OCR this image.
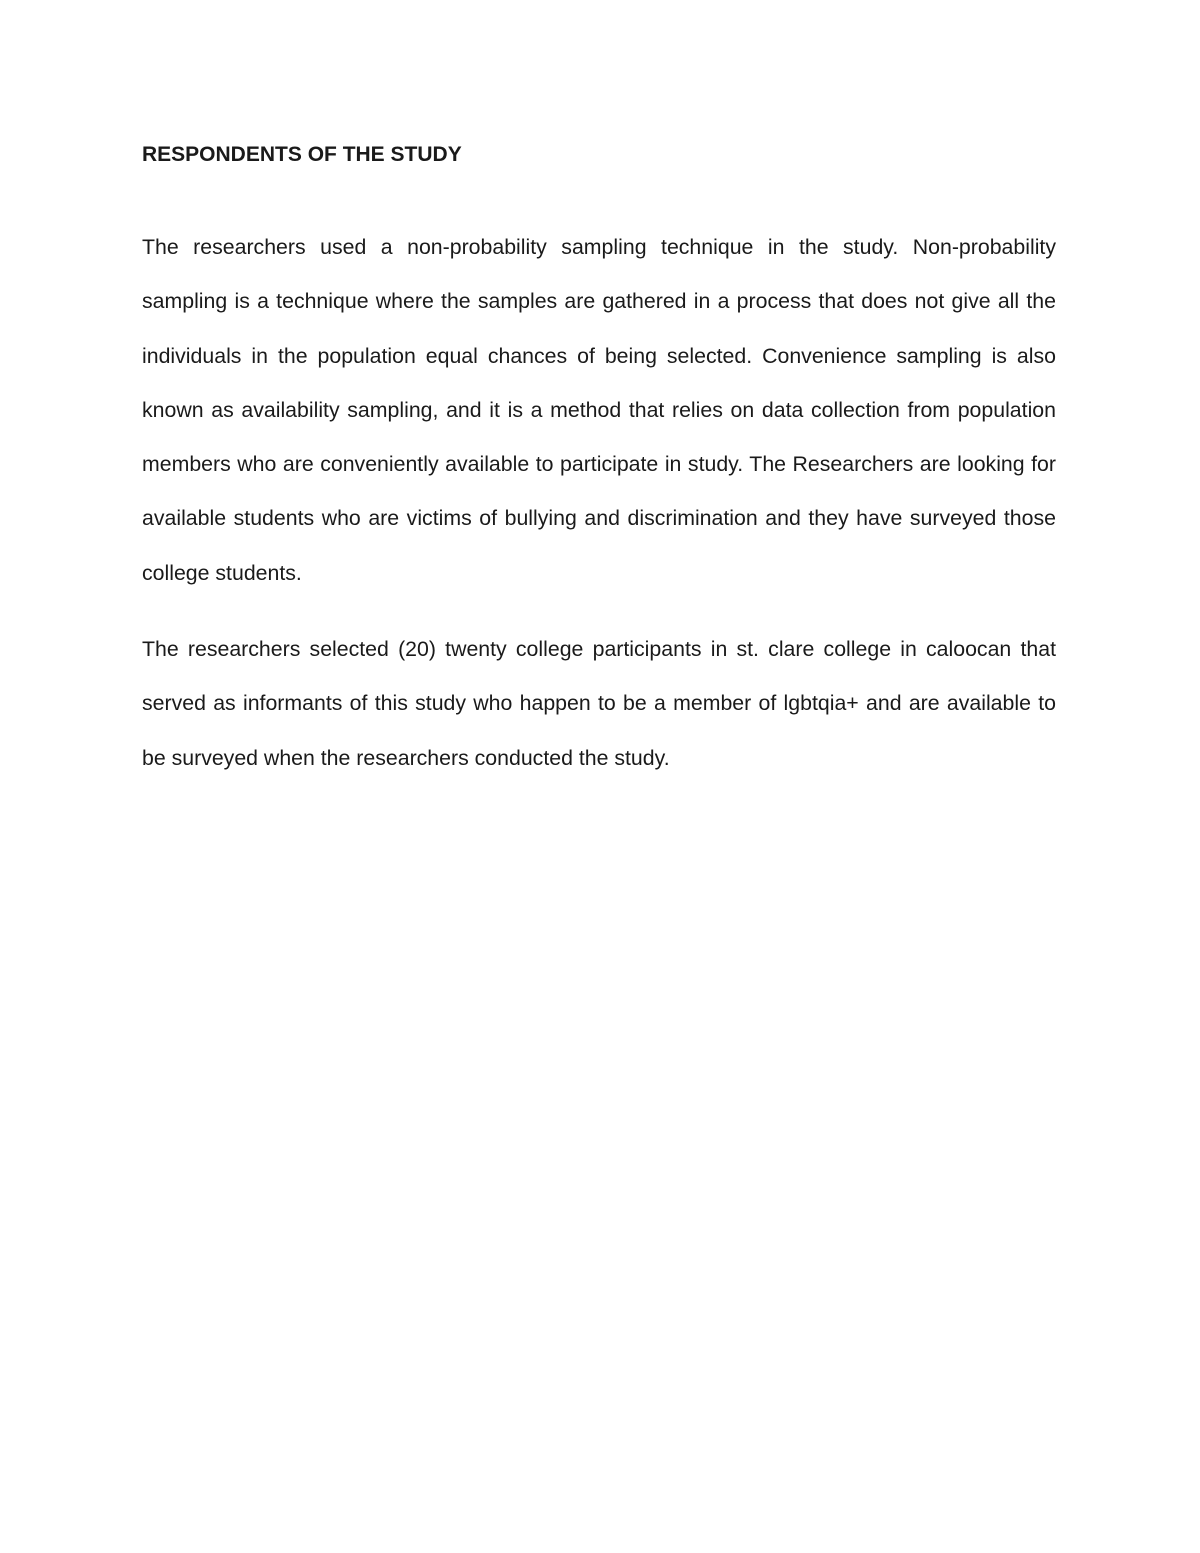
RESPONDENTS OF THE STUDY

The researchers used a non-probability sampling technique in the study. Non-probability sampling is a technique where the samples are gathered in a process that does not give all the individuals in the population equal chances of being selected. Convenience sampling is also known as availability sampling, and it is a method that relies on data collection from population members who are conveniently available to participate in study. The Researchers are looking for available students who are victims of bullying and discrimination and they have surveyed those college students.

The researchers selected (20) twenty college participants in st. clare college in caloocan that served as informants of this study who happen to be a member of lgbtqia+ and are available to be surveyed when the researchers conducted the study.
